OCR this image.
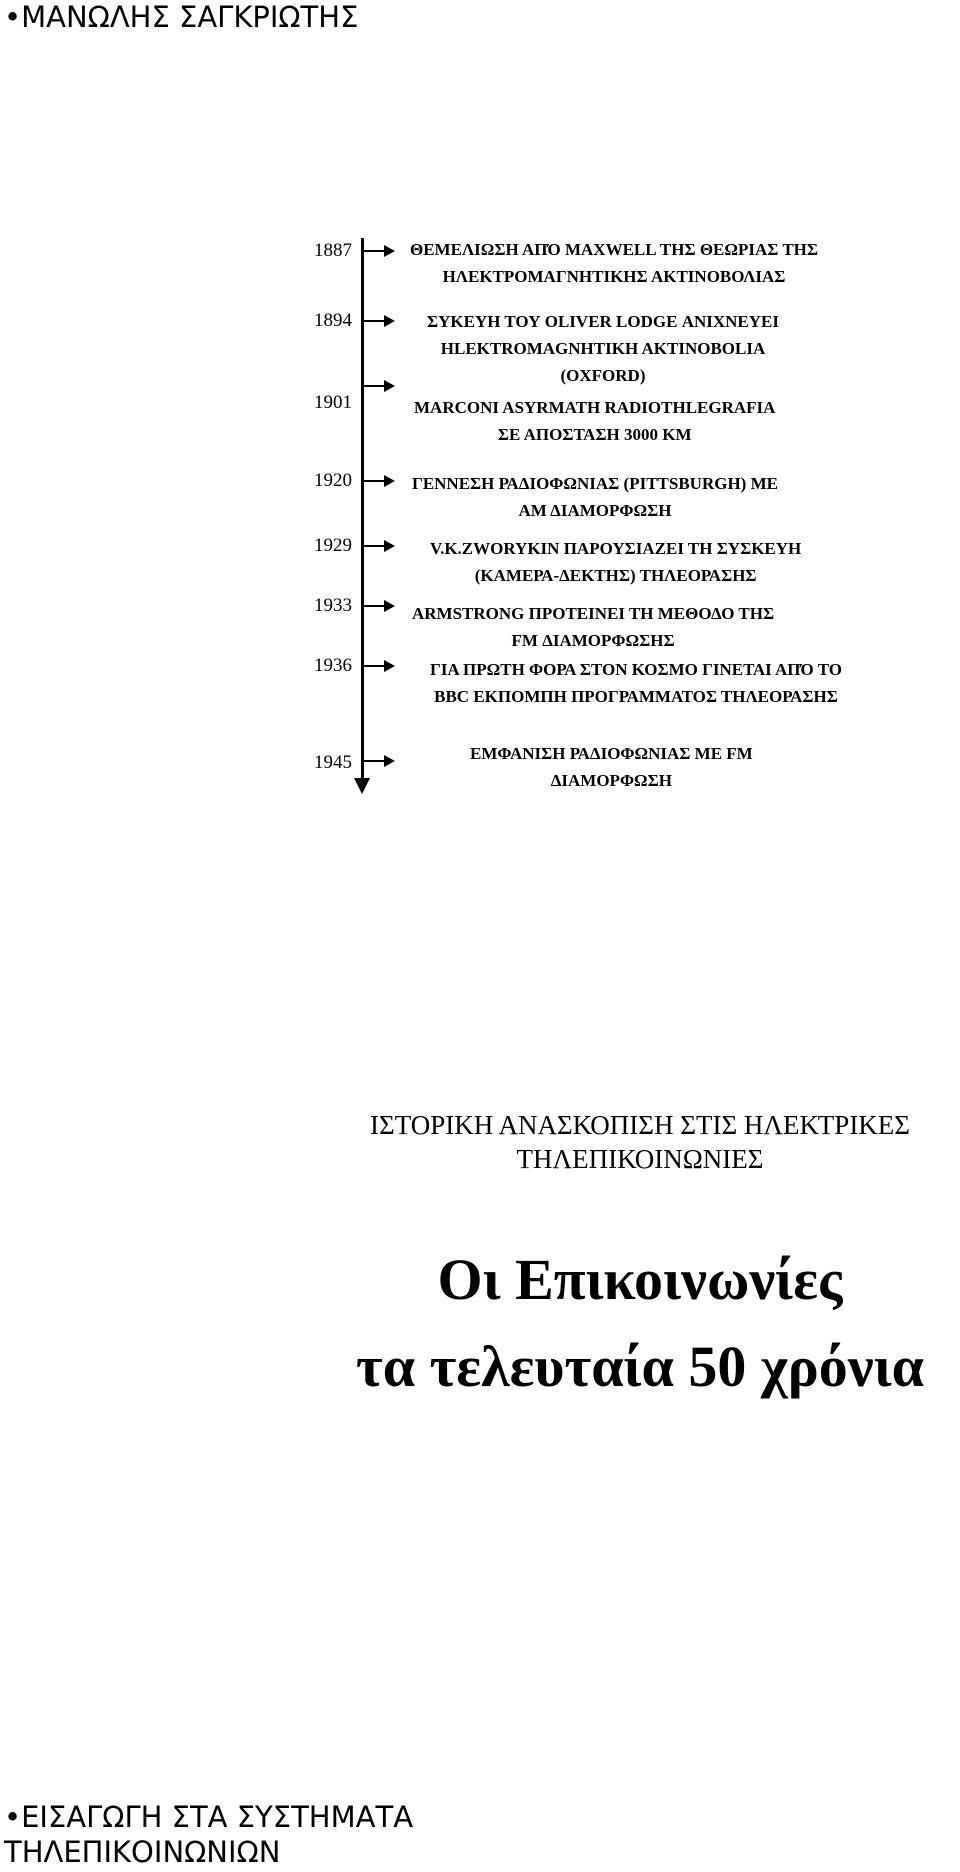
•ΜΑΝΩΛΗΣ ΣΑΓΚΡΙΩΤΗΣ
1887	ΘΕΜΕΛΙΩΣΗ ΑΠΌ MAXWELL ΤΗΣ ΘΕΩΡΙΑΣ ΤΗΣ
ΗΛΕΚΤΡΟΜΑΓΝΗΤΙΚΗΣ ΑΚΤΙΝΟΒΟΛΙΑΣ
1894	ΣΥΚΕΥΗ ΤΟΥ OLIVER LODGE ΑΝΙΧΝΕΥΕΙ
HLEKTROMAGNHTIKH AKTINOBOLIA
(OXFORD)
1901	MARCONI ASYRMATH RADIOTHLEGRAFIA
ΣΕ ΑΠΟΣΤΑΣΗ 3000 ΚΜ
1920	ΓΕΝΝΕΣΗ ΡΑΔΙΟΦΩΝΙΑΣ (PITTSBURGH) ΜΕ
ΑΜ ΔΙΑΜΟΡΦΩΣΗ
1929	V.K.ZWORYKIN ΠΑΡΟΥΣΙΑΖΕΙ ΤΗ ΣΥΣΚΕΥΗ
(ΚΑΜΕΡΑ-ΔΕΚΤΗΣ) ΤΗΛΕΟΡΑΣΗΣ
1933	ARMSTRONG ΠΡΟΤΕΙΝΕΙ ΤΗ ΜΕΘΟΔΟ ΤΗΣ
FM ΔΙΑΜΟΡΦΩΣΗΣ
1936	ΓΙΑ ΠΡΩΤΗ ΦΟΡΑ ΣΤΟΝ ΚΟΣΜΟ ΓΙΝΕΤΑΙ ΑΠΌ ΤΟ
BBC ΕΚΠΟΜΠΗ ΠΡΟΓΡΑΜΜΑΤΟΣ ΤΗΛΕΟΡΑΣΗΣ
1945	ΕΜΦΑΝΙΣΗ ΡΑΔΙΟΦΩΝΙΑΣ ΜΕ FM
ΔΙΑΜΟΡΦΩΣΗ
ΙΣΤΟΡΙΚΗ ΑΝΑΣΚΟΠΙΣΗ ΣΤΙΣ ΗΛΕΚΤΡΙΚΕΣ
ΤΗΛΕΠΙΚΟΙΝΩΝΙΕΣ
Οι Επικοινωνίες
τα τελευταία 50 χρόνια
•ΕΙΣΑΓΩΓΗ ΣΤΑ ΣΥΣΤΗΜΑΤΑ
ΤΗΛΕΠΙΚΟΙΝΩΝΙΩΝ
